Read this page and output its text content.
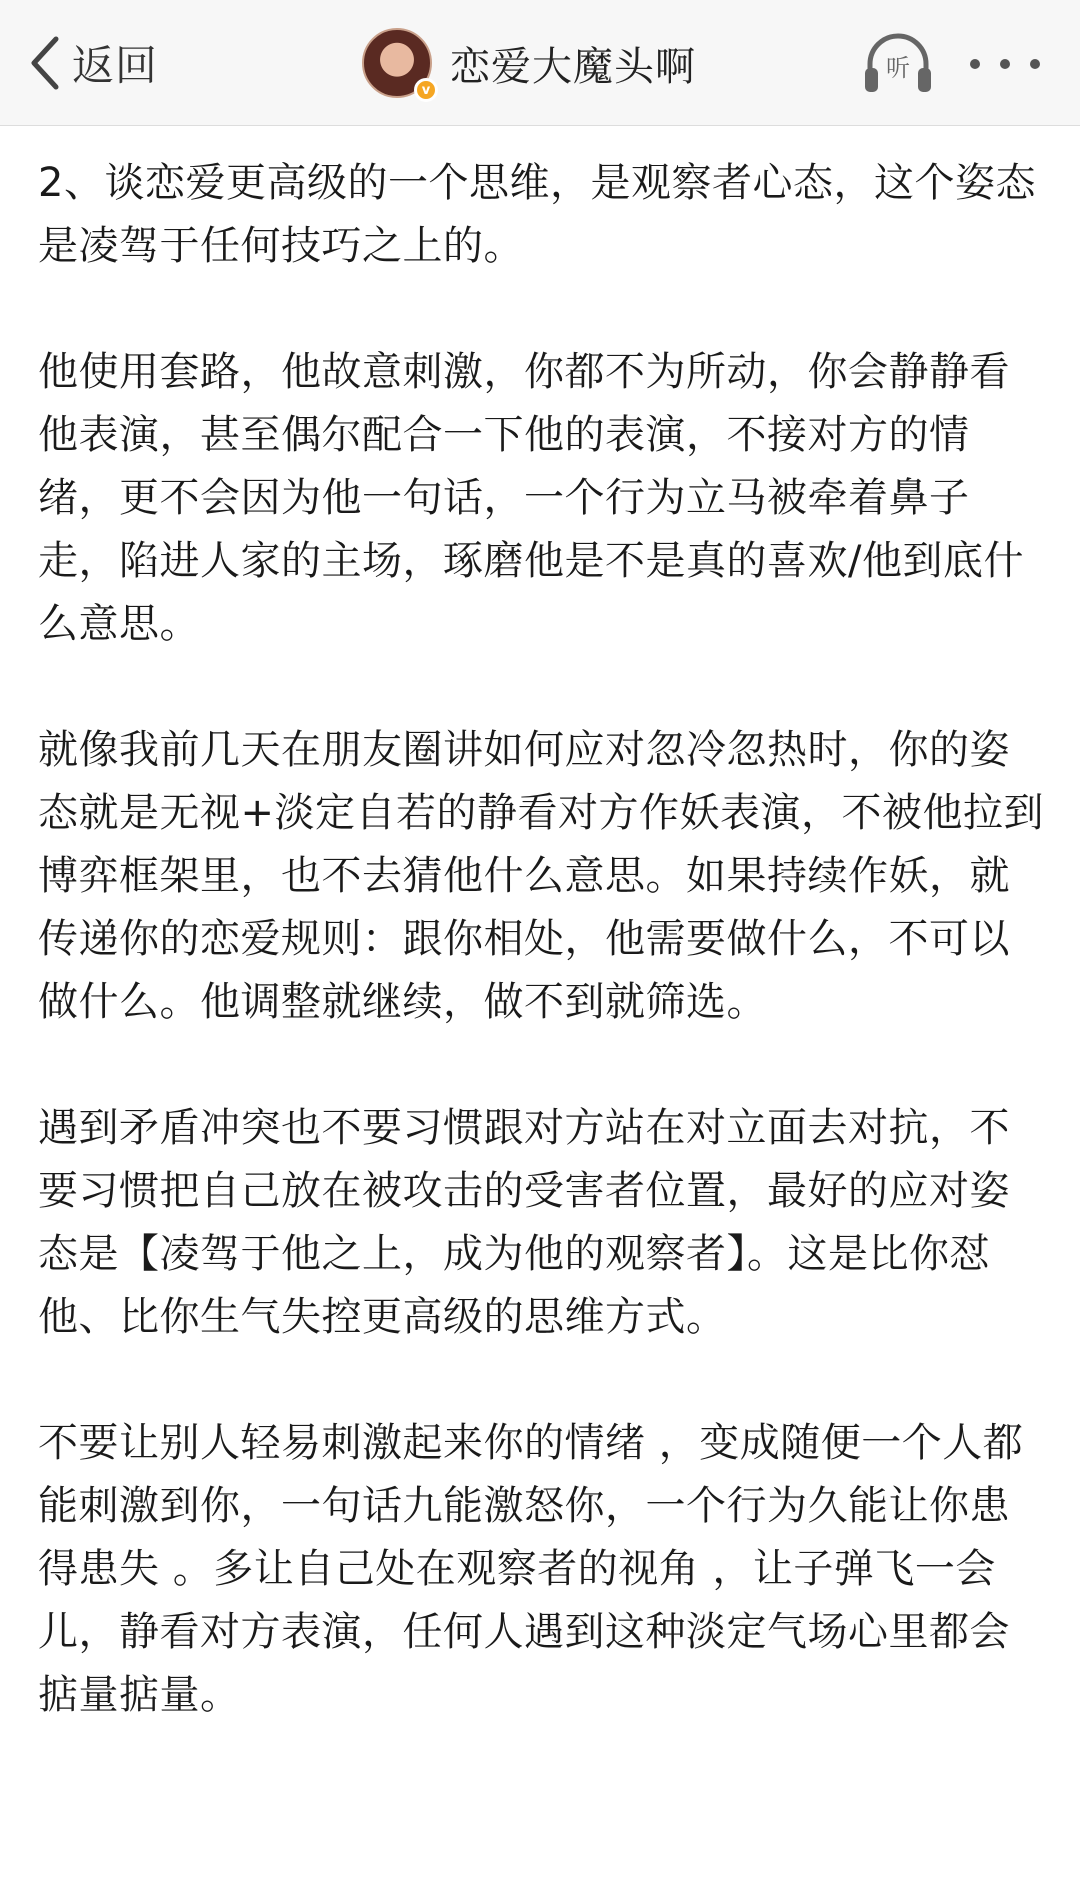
返回	v
恋爱大魔头啊	听

2、谈恋爱更高级的一个思维，是观察者心态，这个姿态是凌驾于任何技巧之上的。

他使用套路，他故意刺激，你都不为所动，你会静静看他表演，甚至偶尔配合一下他的表演，不接对方的情绪，更不会因为他一句话，一个行为立马被牵着鼻子走，陷进人家的主场，琢磨他是不是真的喜欢/他到底什么意思。

就像我前几天在朋友圈讲如何应对忽冷忽热时，你的姿态就是无视+淡定自若的静看对方作妖表演，不被他拉到博弈框架里，也不去猜他什么意思。如果持续作妖，就传递你的恋爱规则：跟你相处，他需要做什么，不可以做什么。他调整就继续，做不到就筛选。

遇到矛盾冲突也不要习惯跟对方站在对立面去对抗，不要习惯把自己放在被攻击的受害者位置，最好的应对姿态是【凌驾于他之上，成为他的观察者】。这是比你怼他、比你生气失控更高级的思维方式。

不要让别人轻易刺激起来你的情绪 ，变成随便一个人都能刺激到你，一句话九能激怒你，一个行为久能让你患得患失 。多让自己处在观察者的视角 ，让子弹飞一会儿，静看对方表演，任何人遇到这种淡定气场心里都会掂量掂量。
